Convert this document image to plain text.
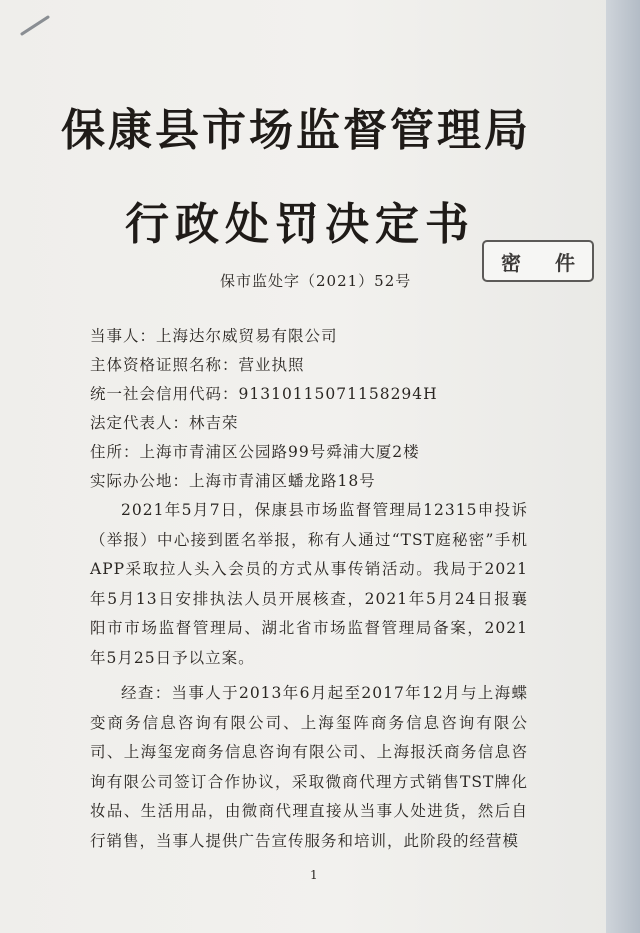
保康县市场监督管理局
行政处罚决定书
保市监处字（2021）52号
密 件
当事人：上海达尔威贸易有限公司
主体资格证照名称：营业执照
统一社会信用代码：91310115071158294H
法定代表人：林吉荣
住所：上海市青浦区公园路99号舜浦大厦2楼
实际办公地：上海市青浦区蟠龙路18号

2021年5月7日，保康县市场监督管理局12315申投诉（举报）中心接到匿名举报，称有人通过“TST庭秘密”手机APP采取拉人头入会员的方式从事传销活动。我局于2021年5月13日安排执法人员开展核查，2021年5月24日报襄阳市市场监督管理局、湖北省市场监督管理局备案，2021年5月25日予以立案。

经查：当事人于2013年6月起至2017年12月与上海蝶变商务信息咨询有限公司、上海玺阵商务信息咨询有限公司、上海玺宠商务信息咨询有限公司、上海报沃商务信息咨询有限公司签订合作协议，采取微商代理方式销售TST牌化妆品、生活用品，由微商代理直接从当事人处进货，然后自行销售，当事人提供广告宣传服务和培训，此阶段的经营模

1
